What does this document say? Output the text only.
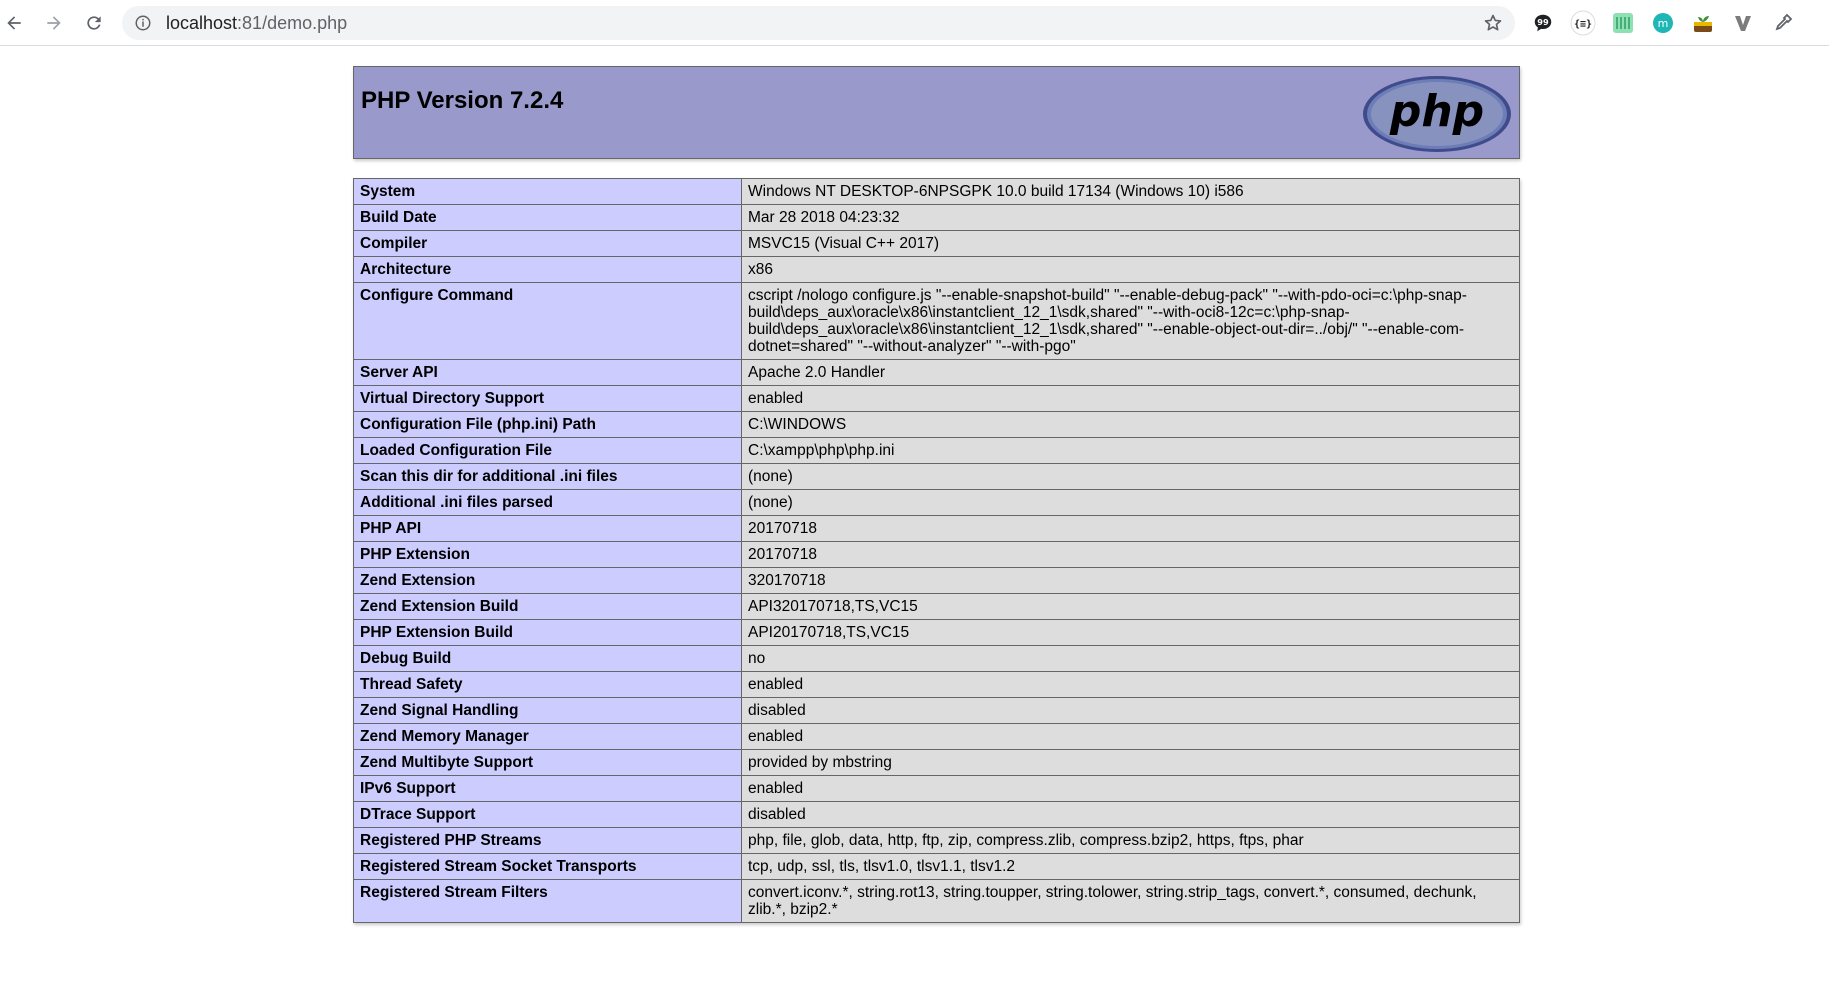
localhost:81/demo.php	99	{≡}	m
PHP Version 7.2.4	php
System	Windows NT DESKTOP-6NPSGPK 10.0 build 17134 (Windows 10) i586
Build Date	Mar 28 2018 04:23:32
Compiler	MSVC15 (Visual C++ 2017)
Architecture	x86
Configure Command	cscript /nologo configure.js "--enable-snapshot-build" "--enable-debug-pack" "--with-pdo-oci=c:\php-snap-build\deps_aux\oracle\x86\instantclient_12_1\sdk,shared" "--with-oci8-12c=c:\php-snap-build\deps_aux\oracle\x86\instantclient_12_1\sdk,shared" "--enable-object-out-dir=../obj/" "--enable-com-dotnet=shared" "--without-analyzer" "--with-pgo"
Server API	Apache 2.0 Handler
Virtual Directory Support	enabled
Configuration File (php.ini) Path	C:\WINDOWS
Loaded Configuration File	C:\xampp\php\php.ini
Scan this dir for additional .ini files	(none)
Additional .ini files parsed	(none)
PHP API	20170718
PHP Extension	20170718
Zend Extension	320170718
Zend Extension Build	API320170718,TS,VC15
PHP Extension Build	API20170718,TS,VC15
Debug Build	no
Thread Safety	enabled
Zend Signal Handling	disabled
Zend Memory Manager	enabled
Zend Multibyte Support	provided by mbstring
IPv6 Support	enabled
DTrace Support	disabled
Registered PHP Streams	php, file, glob, data, http, ftp, zip, compress.zlib, compress.bzip2, https, ftps, phar
Registered Stream Socket Transports	tcp, udp, ssl, tls, tlsv1.0, tlsv1.1, tlsv1.2
Registered Stream Filters	convert.iconv.*, string.rot13, string.toupper, string.tolower, string.strip_tags, convert.*, consumed, dechunk, zlib.*, bzip2.*
